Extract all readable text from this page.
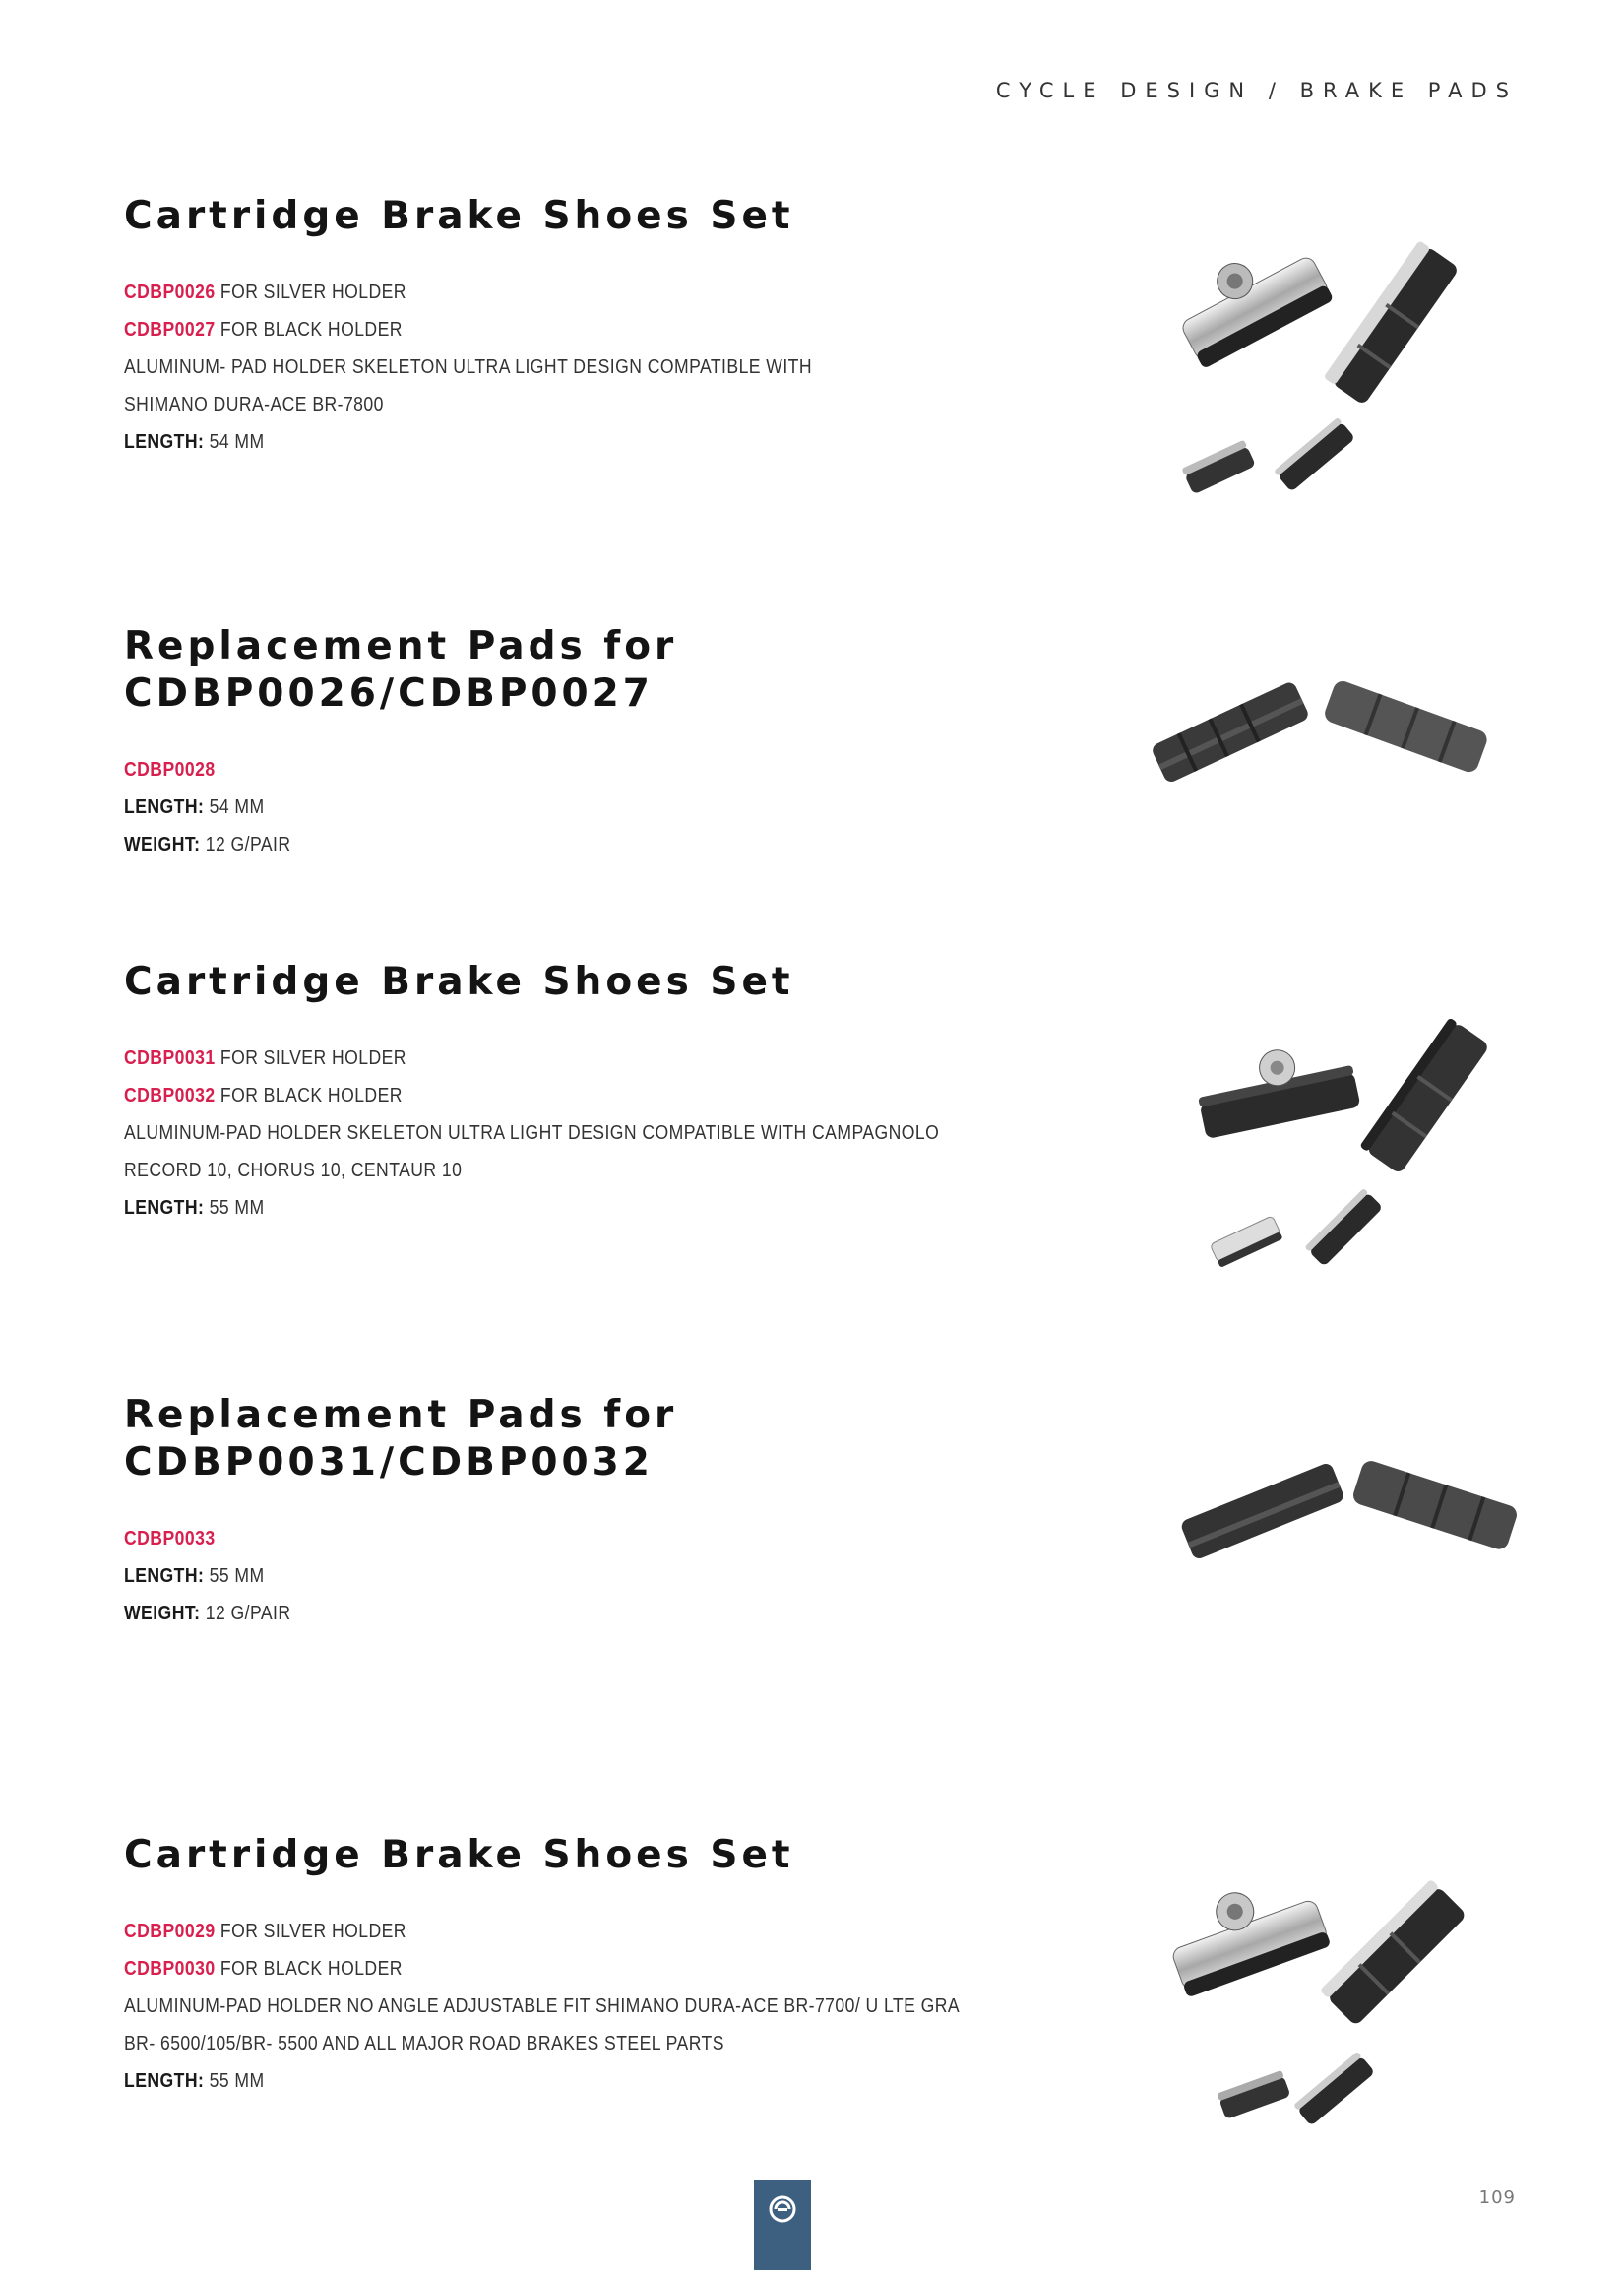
CYCLE DESIGN / BRAKE PADS
Cartridge Brake Shoes Set
CDBP0026 FOR SILVER HOLDER
CDBP0027 FOR BLACK HOLDER
ALUMINUM- PAD HOLDER SKELETON ULTRA LIGHT DESIGN COMPATIBLE WITH
SHIMANO DURA-ACE BR-7800
LENGTH: 54 MM
Replacement Pads for
CDBP0026/CDBP0027
CDBP0028
LENGTH: 54 MM
WEIGHT: 12 G/PAIR
Cartridge Brake Shoes Set
CDBP0031 FOR SILVER HOLDER
CDBP0032 FOR BLACK HOLDER
ALUMINUM-PAD HOLDER SKELETON ULTRA LIGHT DESIGN COMPATIBLE WITH CAMPAGNOLO
RECORD 10, CHORUS 10, CENTAUR 10
LENGTH: 55 MM
Replacement Pads for
CDBP0031/CDBP0032
CDBP0033
LENGTH: 55 MM
WEIGHT: 12 G/PAIR
Cartridge Brake Shoes Set
CDBP0029 FOR SILVER HOLDER
CDBP0030 FOR BLACK HOLDER
ALUMINUM-PAD HOLDER NO ANGLE ADJUSTABLE FIT SHIMANO DURA-ACE BR-7700/ U LTE GRA
BR- 6500/105/BR- 5500 AND ALL MAJOR ROAD BRAKES STEEL PARTS
LENGTH: 55 MM
109
